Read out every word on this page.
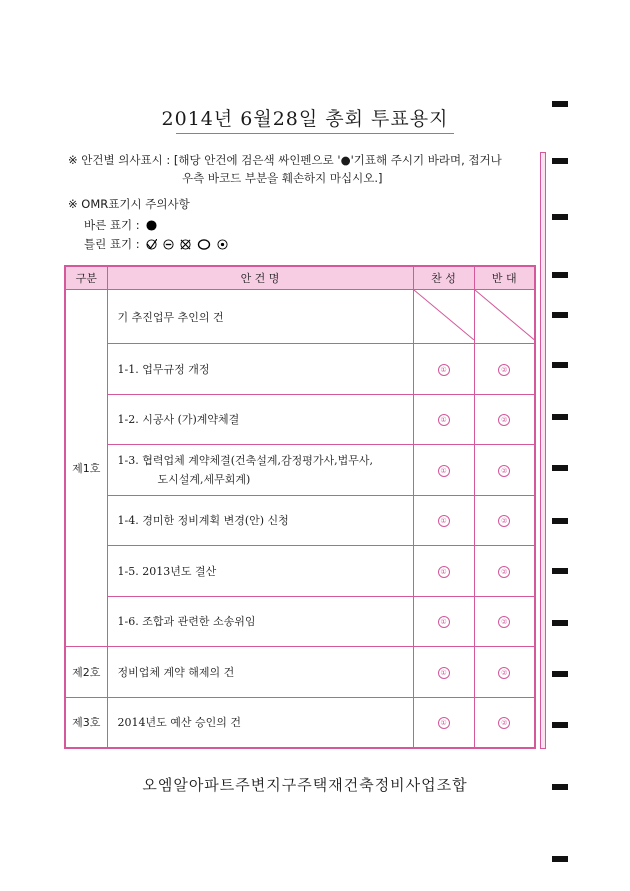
2014년 6월28일 총회 투표용지
※ 안건별 의사표시 : [해당 안건에 검은색 싸인펜으로 '●'기표해 주시기 바라며, 접거나
우측 바코드 부분을 훼손하지 마십시오.]
※ OMR표기시 주의사항
바른 표기 :
틀린 표기 :
구분	안 건 명	찬 성	반 대
제1호	기 추진업무 추인의 건		
	1-1. 업무규정 개정	①	②
	1-2. 시공사 (가)계약체결	①	②

	1-3. 협력업체 계약체결(건축설계,감정평가사,법무사,
도시설계,세무회계)	①	②
	1-4. 경미한 정비계획 변경(안) 신청	①	②
	1-5. 2013년도 결산	①	②
	1-6. 조합과 관련한 소송위임	①	②
제2호	정비업체 계약 해제의 건	①	②
제3호	2014년도 예산 승인의 건	①	②
오엠알아파트주변지구주택재건축정비사업조합
